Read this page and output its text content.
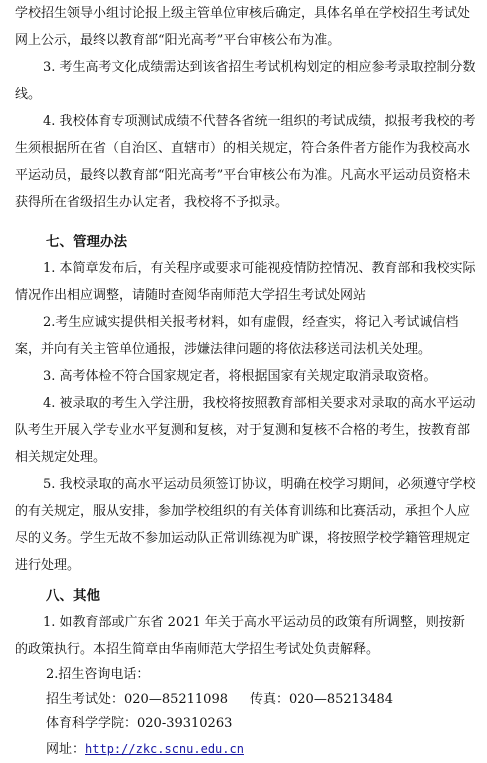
学校招生领导小组讨论报上级主管单位审核后确定，具体名单在学校招生考试处网上公示，最终以教育部“阳光高考”平台审核公布为准。

3. 考生高考文化成绩需达到该省招生考试机构划定的相应参考录取控制分数线。

4. 我校体育专项测试成绩不代替各省统一组织的考试成绩，拟报考我校的考生须根据所在省（自治区、直辖市）的相关规定，符合条件者方能作为我校高水平运动员，最终以教育部“阳光高考”平台审核公布为准。凡高水平运动员资格未获得所在省级招生办认定者，我校将不予拟录。

七、管理办法

1. 本简章发布后，有关程序或要求可能视疫情防控情况、教育部和我校实际情况作出相应调整，请随时查阅华南师范大学招生考试处网站

2.考生应诚实提供相关报考材料，如有虚假，经查实，将记入考试诚信档案，并向有关主管单位通报，涉嫌法律问题的将依法移送司法机关处理。

3. 高考体检不符合国家规定者，将根据国家有关规定取消录取资格。

4. 被录取的考生入学注册，我校将按照教育部相关要求对录取的高水平运动队考生开展入学专业水平复测和复核，对于复测和复核不合格的考生，按教育部相关规定处理。

5. 我校录取的高水平运动员须签订协议，明确在校学习期间，必须遵守学校的有关规定，服从安排，参加学校组织的有关体育训练和比赛活动，承担个人应尽的义务。学生无故不参加运动队正常训练视为旷课，将按照学校学籍管理规定进行处理。

八、其他

1. 如教育部或广东省 2021 年关于高水平运动员的政策有所调整，则按新的政策执行。本招生简章由华南师范大学招生考试处负责解释。

2.招生咨询电话：
招生考试处：020—85211098 传真：020—85213484
体育科学学院：020-39310263
网址：http://zkc.scnu.edu.cn
